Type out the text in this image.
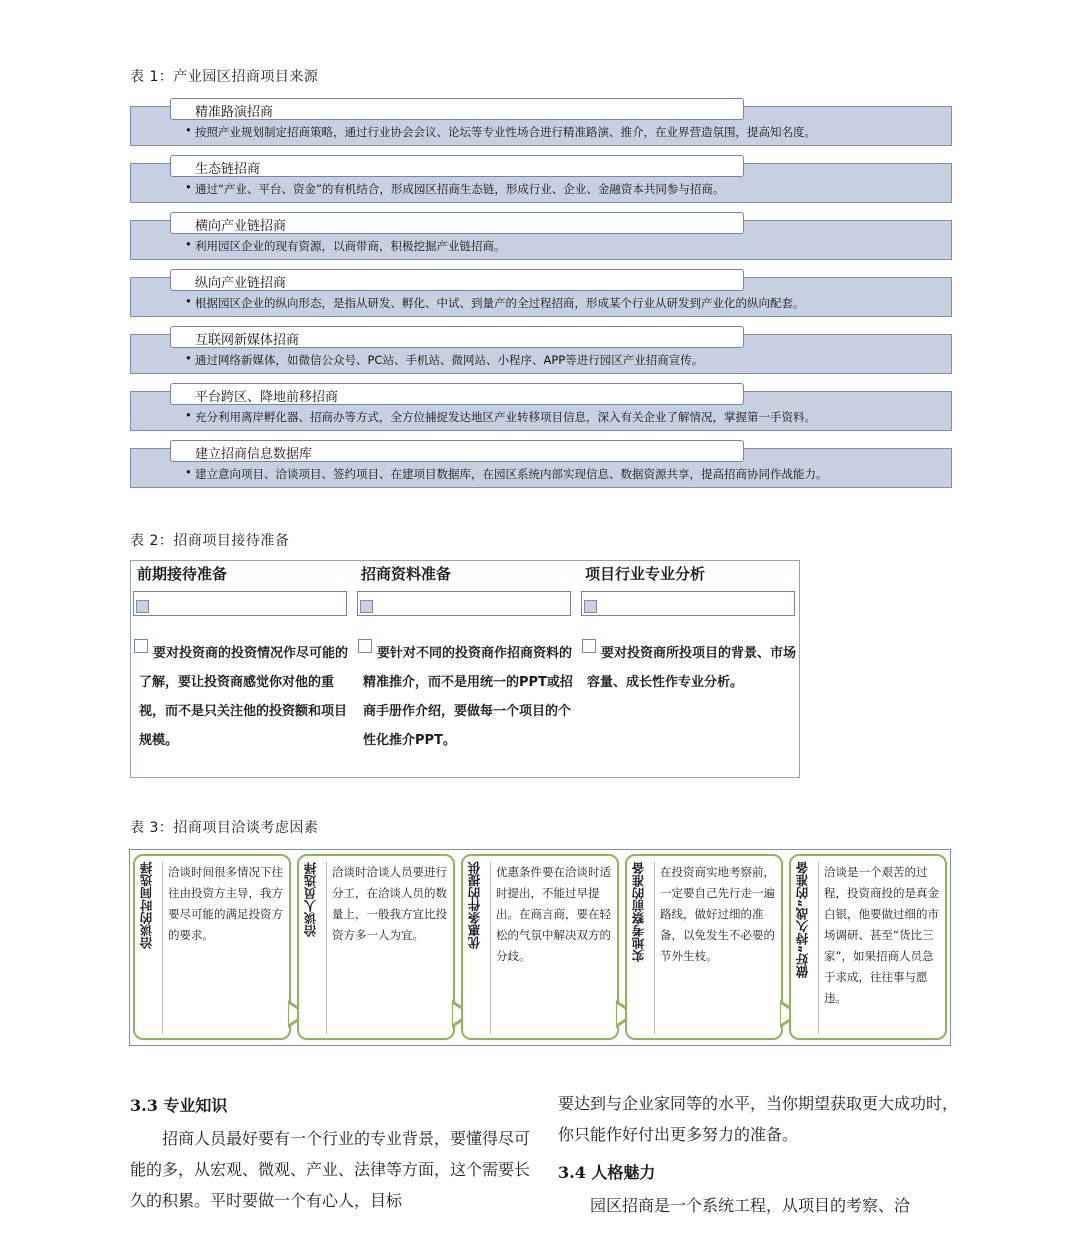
表 1：产业园区招商项目来源
• 按照产业规划制定招商策略，通过行业协会会议、论坛等专业性场合进行精准路演、推介，在业界营造氛围，提高知名度。
精准路演招商
• 通过“产业、平台、资金”的有机结合，形成园区招商生态链，形成行业、企业、金融资本共同参与招商。
生态链招商
• 利用园区企业的现有资源，以商带商，积极挖掘产业链招商。
横向产业链招商
• 根据园区企业的纵向形态，是指从研发、孵化、中试、到量产的全过程招商，形成某个行业从研发到产业化的纵向配套。
纵向产业链招商
• 通过网络新媒体，如微信公众号、PC站、手机站、微网站、小程序、APP等进行园区产业招商宣传。
互联网新媒体招商
• 充分利用离岸孵化器、招商办等方式，全方位捕捉发达地区产业转移项目信息，深入有关企业了解情况，掌握第一手资料。
平台跨区、降地前移招商
• 建立意向项目、洽谈项目、签约项目、在建项目数据库，在园区系统内部实现信息、数据资源共享，提高招商协同作战能力。
建立招商信息数据库
表 2：招商项目接待准备
前期接待准备
要对投资商的投资情况作尽可能的了解，要让投资商感觉你对他的重视，而不是只关注他的投资额和项目规模。
招商资料准备
要针对不同的投资商作招商资料的精准推介，而不是用统一的PPT或招商手册作介绍，要做每一个项目的个性化推介PPT。
项目行业专业分析
要对投资商所投项目的背景、市场容量、成长性作专业分析。
表 3：招商项目洽谈考虑因素
洽谈的时间选择	洽谈时间很多情况下往往由投资方主导，我方要尽可能的满足投资方的要求。	洽谈人员选择	洽谈时洽谈人员要进行分工，在洽谈人员的数量上，一般我方宜比投资方多一人为宜。	优惠条件的提供	优惠条件要在洽谈时适时提出，不能过早提出。在商言商，要在轻松的气氛中解决双方的分歧。	实地考察前的准备	在投资商实地考察前，一定要自己先行走一遍路线，做好过细的准备，以免发生不必要的节外生枝。	做好“持久战”的准备	洽谈是一个艰苦的过程，投资商投的是真金白银，他要做过细的市场调研、甚至“货比三家”，如果招商人员急于求成，往往事与愿违。
3.3 专业知识
招商人员最好要有一个行业的专业背景，要懂得尽可能的多，从宏观、微观、产业、法律等方面，这个需要长久的积累。平时要做一个有心人，目标
要达到与企业家同等的水平，当你期望获取更大成功时，你只能作好付出更多努力的准备。
3.4 人格魅力
园区招商是一个系统工程，从项目的考察、洽
